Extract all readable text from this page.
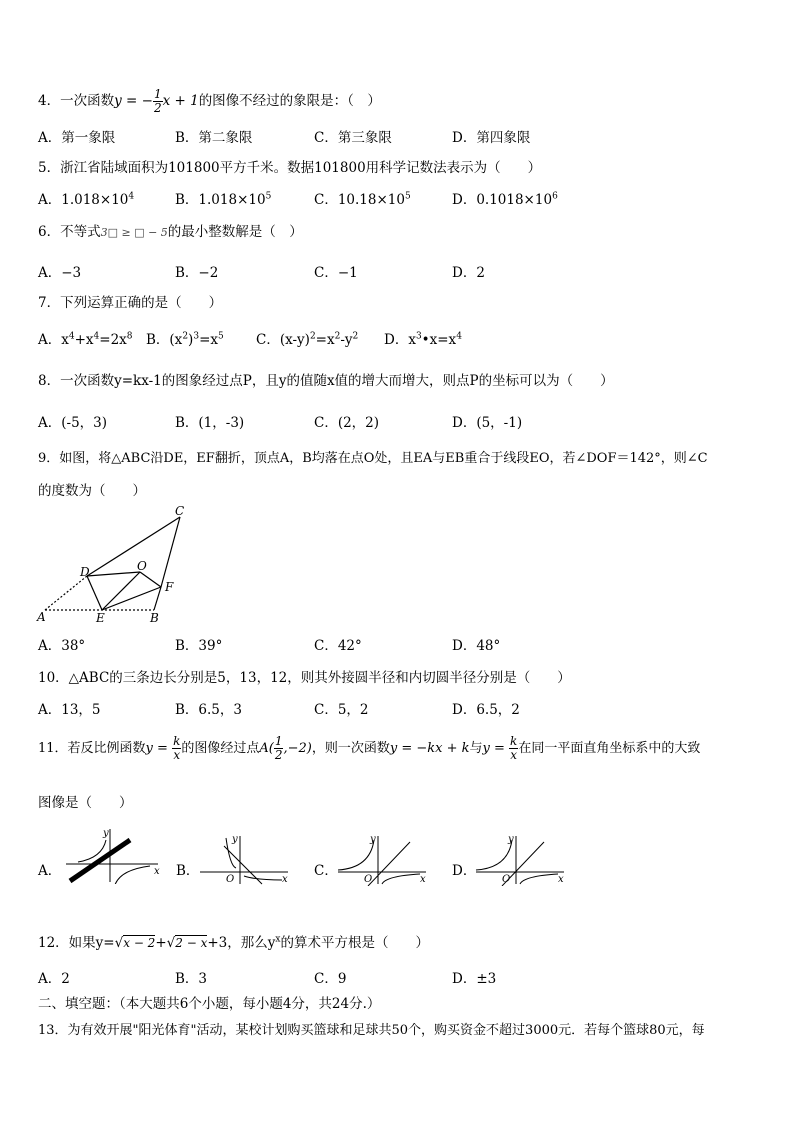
4．一次函数y = − $\frac{1}{2}$ x + 1的图像不经过的象限是：（　）
A．第一象限	B．第二象限	C．第三象限	D．第四象限
5．浙江省陆域面积为101800平方千米。数据101800用科学记数法表示为（　　）
A．$1.018\times 10^4$	B．$1.018\times 10^5$	C．$10.18\times 10^5$	D．$0.1018\times 10^6$
6．不等式3□ ≥ □ − 5的最小整数解是（　）
A．−3	B．−2	C．−1	D．2
7．下列运算正确的是（　　）
A．$x^4+x^4=2x^8$ B．$(x^2)^3=x^5$ C．$(x-y)^2=x^2-y^2$ D．$x^3•x=x^4$
8．一次函数y=kx-1的图象经过点P，且y的值随x值的增大而增大，则点P的坐标可以为（　　）
A．(-5，3)	B．(1，-3)	C．(2，2)	D．(5，-1)
9．如图，将△ABC沿DE，EF翻折，顶点A，B均落在点O处，且EA与EB重合于线段EO，若∠DOF＝142°，则∠C
的度数为（　　）
C
D	O
F
A	E	B
A．38°	B．39°	C．42°	D．48°
10．△ABC的三条边长分别是5，13，12，则其外接圆半径和内切圆半径分别是（　　）
A．13，5	B．6.5，3	C．5，2	D．6.5，2
11．若反比例函数$y = \frac{k}{x}$ 的图像经过点$A( \frac{1}{2} ,-2)$，则一次函数y = −kx + k与$y = \frac{k}{x}$ 在同一平面直角坐标系中的大致
图像是（　　）
A．
y
x B．
y
O	x
C．
y
O	x
D．
y
O	x
12．如果y=√x − 2+√2 − x+3，那么$y^x$的算术平方根是（　　）
A．2	B．3	C．9	D．±3
二、填空题：（本大题共6个小题，每小题4分，共24分.）
13．为有效开展"阳光体育"活动，某校计划购买篮球和足球共50个，购买资金不超过3000元．若每个篮球80元，每
